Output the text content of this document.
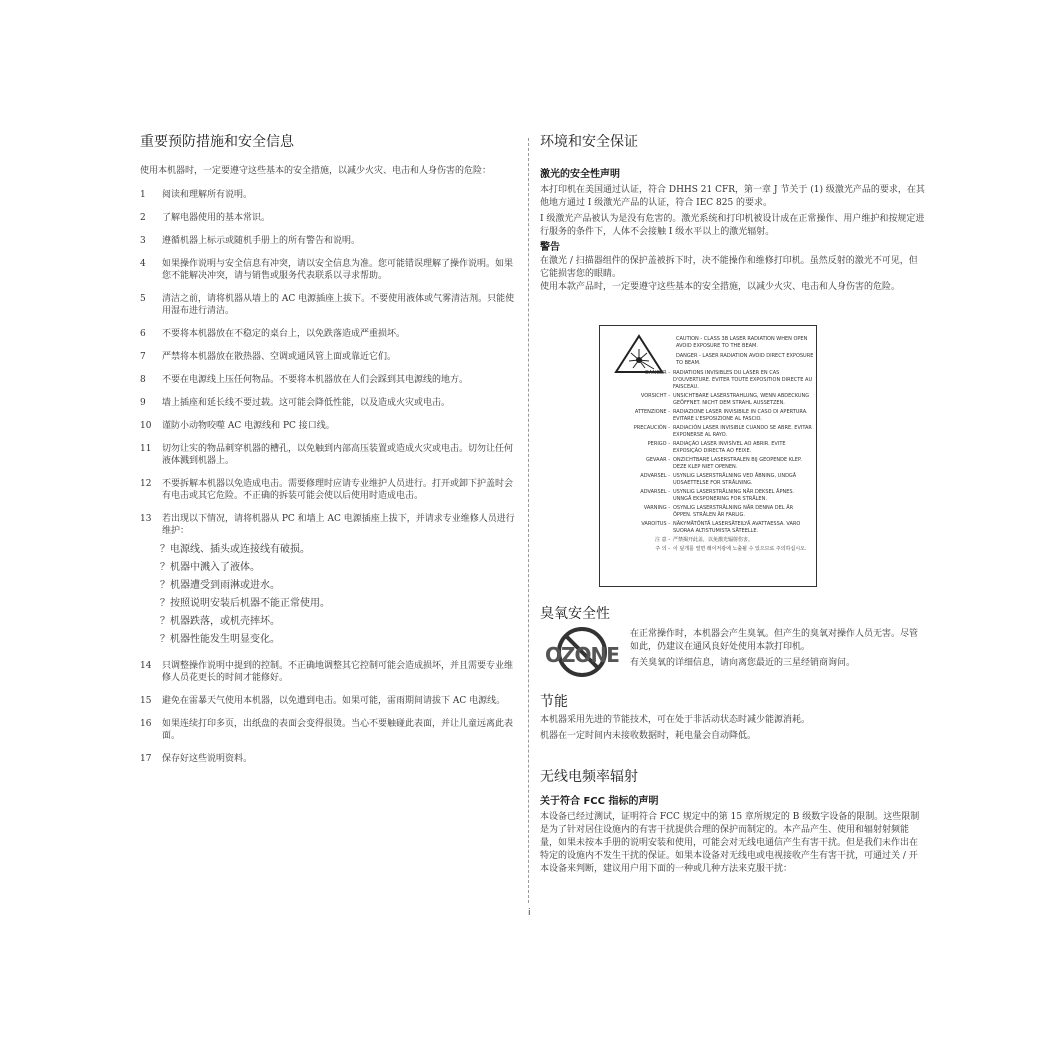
重要预防措施和安全信息

使用本机器时，一定要遵守这些基本的安全措施，以减少火灾、电击和人身伤害的危险：

1	阅读和理解所有说明。
2	了解电器使用的基本常识。
3	遵循机器上标示或随机手册上的所有警告和说明。
4	如果操作说明与安全信息有冲突，请以安全信息为准。您可能错误理解了操作说明。如果您不能解决冲突，请与销售或服务代表联系以寻求帮助。
5	清洁之前，请将机器从墙上的 AC 电源插座上拔下。不要使用液体或气雾清洁剂。只能使用湿布进行清洁。
6	不要将本机器放在不稳定的桌台上，以免跌落造成严重损坏。
7	严禁将本机器放在散热器、空调或通风管上面或靠近它们。
8	不要在电源线上压任何物品。不要将本机器放在人们会踩到其电源线的地方。
9	墙上插座和延长线不要过载。这可能会降低性能，以及造成火灾或电击。
10	谨防小动物咬噬 AC 电源线和 PC 接口线。
11	切勿让实的物品刺穿机器的槽孔，以免触到内部高压装置或造成火灾或电击。切勿让任何液体溅到机器上。
12	不要拆解本机器以免造成电击。需要修理时应请专业维护人员进行。打开或卸下护盖时会有电击或其它危险。不正确的拆装可能会使以后使用时造成电击。
13	若出现以下情况，请将机器从 PC 和墙上 AC 电源插座上拔下，并请求专业维修人员进行维护：
？电源线、插头或连接线有破损。
？机器中溅入了液体。
？机器遭受到雨淋或进水。
？按照说明安装后机器不能正常使用。
？机器跌落，或机壳摔坏。
？机器性能发生明显变化。
14	只调整操作说明中提到的控制。不正确地调整其它控制可能会造成损坏，并且需要专业维修人员花更长的时间才能修好。
15	避免在雷暴天气使用本机器，以免遭到电击。如果可能，雷雨期间请拔下 AC 电源线。
16	如果连续打印多页，出纸盘的表面会变得很烫。当心不要触碰此表面，并让儿童远离此表面。
17	保存好这些说明资料。
环境和安全保证
激光的安全性声明

本打印机在美国通过认证，符合 DHHS 21 CFR，第一章 J 节关于 (1) 级激光产品的要求，在其他地方通过 I 级激光产品的认证，符合 IEC 825 的要求。

I 级激光产品被认为是没有危害的。激光系统和打印机被设计成在正常操作、用户维护和按规定进行服务的条件下，人体不会接触 I 级水平以上的激光辐射。

警告

在激光 / 扫描器组件的保护盖被拆下时，决不能操作和维修打印机。虽然反射的激光不可见，但它能损害您的眼睛。

使用本款产品时，一定要遵守这些基本的安全措施，以减少火灾、电击和人身伤害的危险。

CAUTION - CLASS 3B LASER RADIATION WHEN OPEN AVOID EXPOSURE TO THE BEAM.
DANGER - LASER RADIATION AVOID DIRECT EXPOSURE TO BEAM.
DANGER - RADIATIONS INVISIBLES DU LASER EN CAS D'OUVERTURE. EVITER TOUTE EXPOSITION DIRECTE AU FAISCEAU.
VORSICHT - UNSICHTBARE LASERSTRAHLUNG, WENN ABDECKUNG GEÖFFNET. NICHT DEM STRAHL AUSSETZEN.
ATTENZIONE - RADIAZIONE LASER INVISIBILE IN CASO DI APERTURA. EVITARE L'ESPOSIZIONE AL FASCIO.
PRECAUCIÓN - RADIACIÓN LASER INVISIBLE CUANDO SE ABRE. EVITAR EXPONERSE AL RAYO.
PERIGO - RADIAÇÃO LASER INVISÍVEL AO ABRIR. EVITE EXPOSIÇÃO DIRECTA AO FEIXE.
GEVAAR - ONZICHTBARE LASERSTRALEN BIJ GEOPENDE KLEP. DEZE KLEP NIET OPENEN.
ADVARSEL - USYNLIG LASERSTRÅLNING VED ÅBNING, UNDGÅ UDSAETTELSE FOR STRÅLNING.
ADVARSEL - USYNLIG LASERSTRÅLNING NÅR DEKSEL ÅPNES. UNNGÅ EKSPONERING FOR STRÅLEN.
VARNING - OSYNLIG LASERSTRÅLNING NÄR DENNA DEL ÄR ÖPPEN. STRÅLEN ÄR FARLIG.
VAROITUS - NÄKYMÄTÖNTÄ LASERSÄTEILYÄ AVATTAESSA. VARO SUORAA ALTISTUMISTA SÄTEELLE.
注 意 - 严禁揭开此盖，以免激光辐射伤害。
주 의 - 이 덮개를 열면 레이저광에 노출될 수 있으므로 주의하십시오.
臭氧安全性
OZONE

在正常操作时，本机器会产生臭氧。但产生的臭氧对操作人员无害。尽管如此，仍建议在通风良好处使用本款打印机。

有关臭氧的详细信息，请向离您最近的三星经销商询问。

节能

本机器采用先进的节能技术，可在处于非活动状态时减少能源消耗。

机器在一定时间内未接收数据时，耗电量会自动降低。

无线电频率辐射
关于符合 FCC 指标的声明

本设备已经过测试，证明符合 FCC 规定中的第 15 章所规定的 B 级数字设备的限制。这些限制是为了针对居住设施内的有害干扰提供合理的保护而制定的。本产品产生、使用和辐射射频能量，如果未按本手册的说明安装和使用，可能会对无线电通信产生有害干扰。但是我们未作出在特定的设施内不发生干扰的保证。如果本设备对无线电或电视接收产生有害干扰，可通过关 / 开本设备来判断，建议用户用下面的一种或几种方法来克服干扰：

i
